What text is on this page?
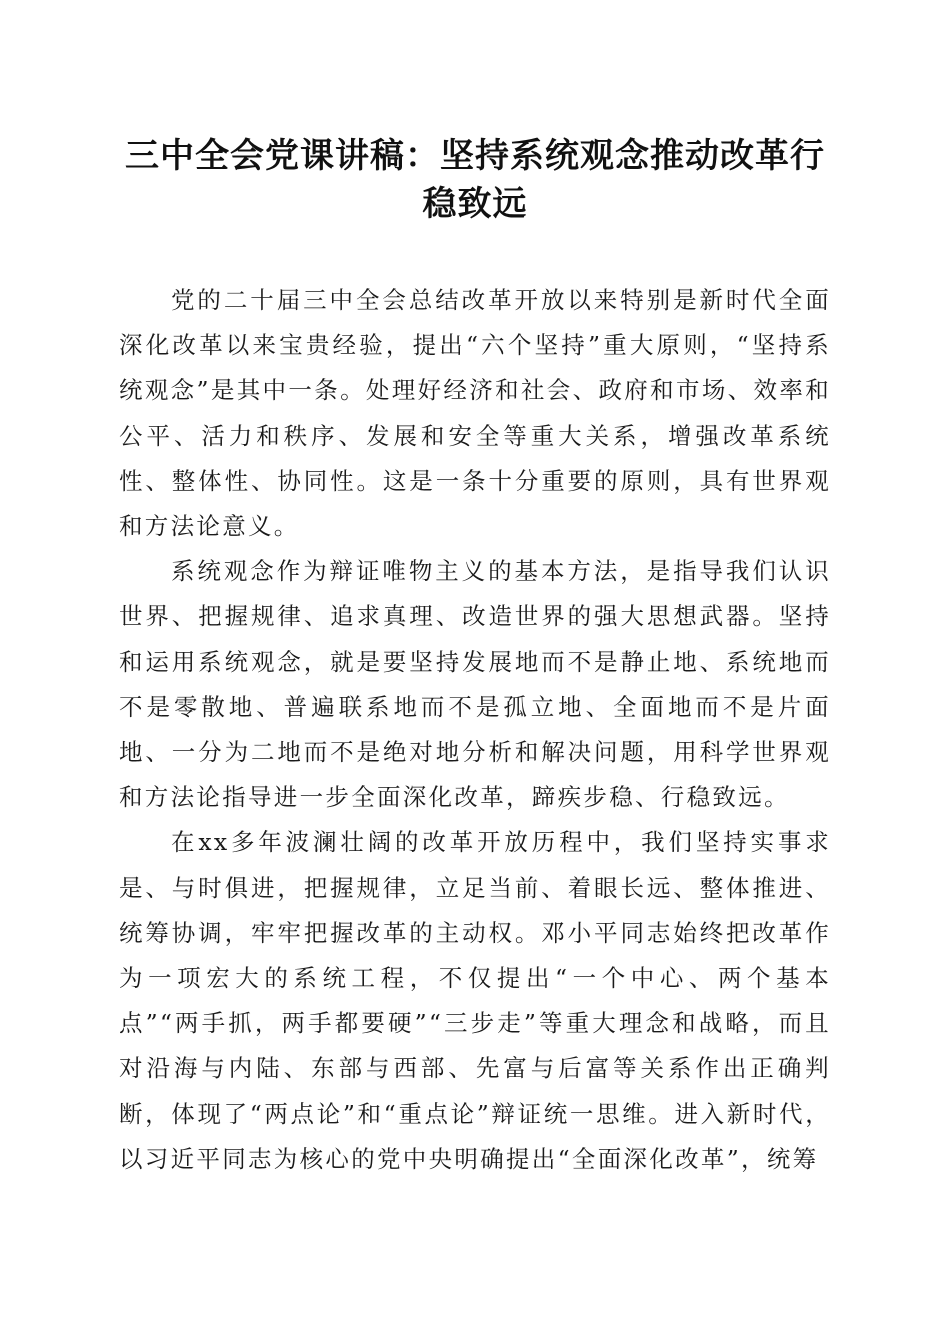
三中全会党课讲稿：坚持系统观念推动改革行稳致远

党的二十届三中全会总结改革开放以来特别是新时代全面深化改革以来宝贵经验，提出“六个坚持”重大原则，“坚持系统观念”是其中一条。处理好经济和社会、政府和市场、效率和公平、活力和秩序、发展和安全等重大关系，增强改革系统性、整体性、协同性。这是一条十分重要的原则，具有世界观和方法论意义。

系统观念作为辩证唯物主义的基本方法，是指导我们认识世界、把握规律、追求真理、改造世界的强大思想武器。坚持和运用系统观念，就是要坚持发展地而不是静止地、系统地而不是零散地、普遍联系地而不是孤立地、全面地而不是片面地、一分为二地而不是绝对地分析和解决问题，用科学世界观和方法论指导进一步全面深化改革，蹄疾步稳、行稳致远。

在xx多年波澜壮阔的改革开放历程中，我们坚持实事求是、与时俱进，把握规律，立足当前、着眼长远、整体推进、统筹协调，牢牢把握改革的主动权。邓小平同志始终把改革作为一项宏大的系统工程，不仅提出“一个中心、两个基本点”“两手抓，两手都要硬”“三步走”等重大理念和战略，而且对沿海与内陆、东部与西部、先富与后富等关系作出正确判断，体现了“两点论”和“重点论”辩证统一思维。进入新时代，以习近平同志为核心的党中央明确提出“全面深化改革”，统筹
